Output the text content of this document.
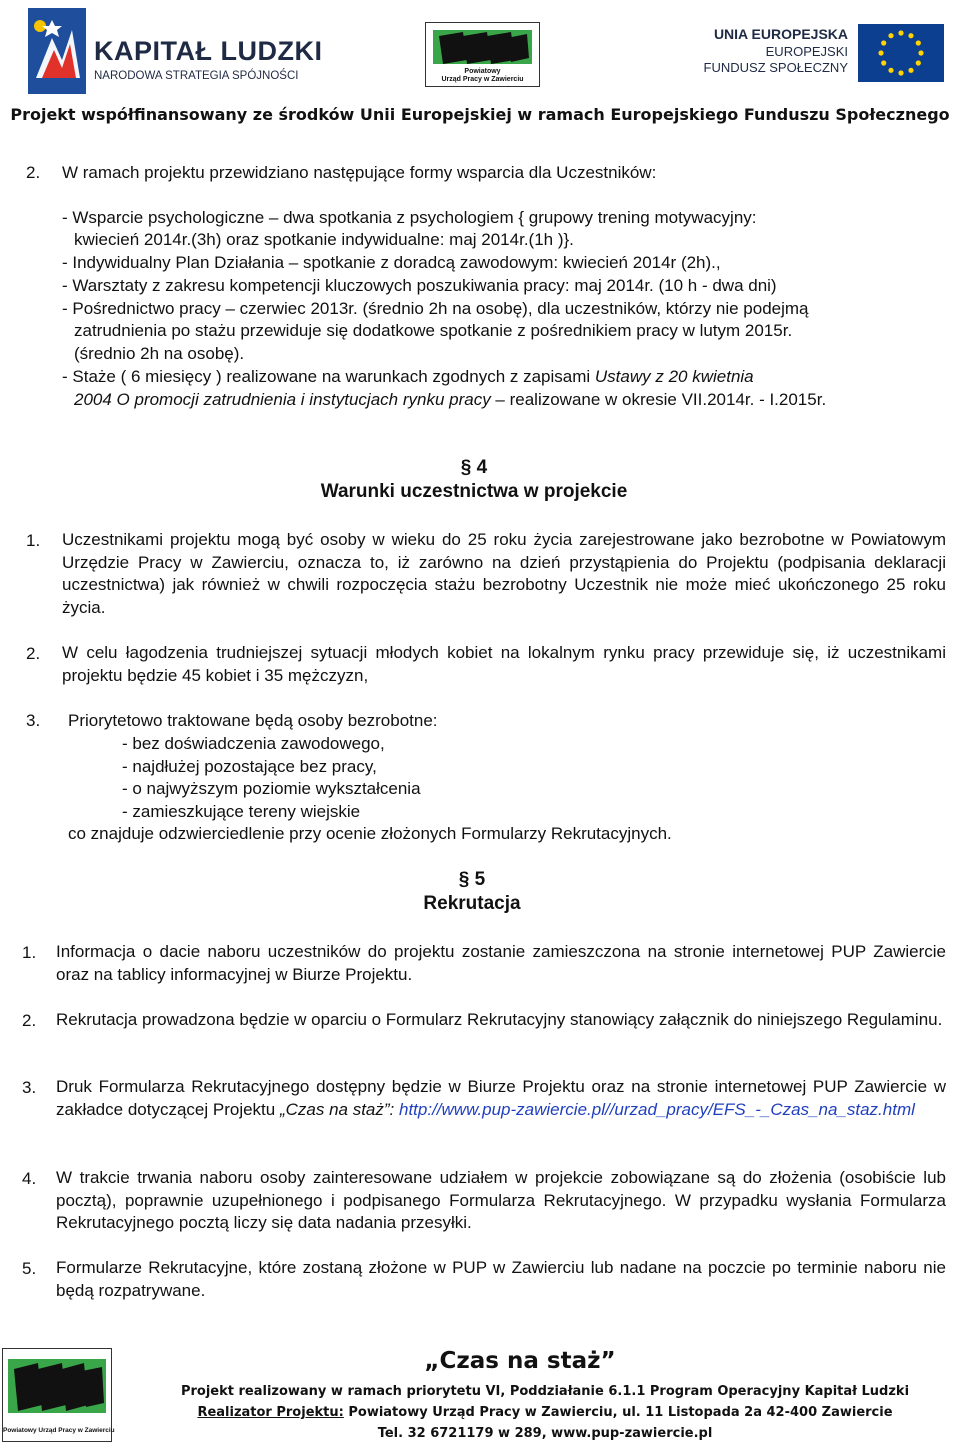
KAPITAŁ LUDZKI
NARODOWA STRATEGIA SPÓJNOŚCI	Powiatowy
Urząd Pracy w Zawierciu
UNIA EUROPEJSKA
EUROPEJSKI
FUNDUSZ SPOŁECZNY
Projekt współfinansowany ze środków Unii Europejskiej w ramach Europejskiego Funduszu Społecznego
2. W ramach projektu przewidziano następujące formy wsparcia dla Uczestników:
- Wsparcie psychologiczne – dwa spotkania z psychologiem { grupowy trening motywacyjny:
kwiecień 2014r.(3h) oraz spotkanie indywidualne: maj 2014r.(1h )}.
- Indywidualny Plan Działania – spotkanie z doradcą zawodowym: kwiecień 2014r (2h).,
- Warsztaty z zakresu kompetencji kluczowych poszukiwania pracy: maj 2014r. (10 h - dwa dni)
- Pośrednictwo pracy – czerwiec 2013r. (średnio 2h na osobę), dla uczestników, którzy nie podejmą
zatrudnienia po stażu przewiduje się dodatkowe spotkanie z pośrednikiem pracy w lutym 2015r.
(średnio 2h na osobę).
- Staże ( 6 miesięcy ) realizowane na warunkach zgodnych z zapisami Ustawy z 20 kwietnia
2004 O promocji zatrudnienia i instytucjach rynku pracy – realizowane w okresie VII.2014r. - I.2015r.
§ 4
Warunki uczestnictwa w projekcie
1. Uczestnikami projektu mogą być osoby w wieku do 25 roku życia zarejestrowane jako bezrobotne w Powiatowym Urzędzie Pracy w Zawierciu, oznacza to, iż zarówno na dzień przystąpienia do Projektu (podpisania deklaracji uczestnictwa) jak również w chwili rozpoczęcia stażu bezrobotny Uczestnik nie może mieć ukończonego 25 roku życia.
2. W celu łagodzenia trudniejszej sytuacji młodych kobiet na lokalnym rynku pracy przewiduje się, iż uczestnikami projektu będzie 45 kobiet i 35 mężczyzn,
3. Priorytetowo traktowane będą osoby bezrobotne:
- bez doświadczenia zawodowego,
- najdłużej pozostające bez pracy,
- o najwyższym poziomie wykształcenia
- zamieszkujące tereny wiejskie
co znajduje odzwierciedlenie przy ocenie złożonych Formularzy Rekrutacyjnych.
§ 5
Rekrutacja
1. Informacja o dacie naboru uczestników do projektu zostanie zamieszczona na stronie internetowej PUP Zawiercie oraz na tablicy informacyjnej w Biurze Projektu.
2. Rekrutacja prowadzona będzie w oparciu o Formularz Rekrutacyjny stanowiący załącznik do niniejszego Regulaminu.
3. Druk Formularza Rekrutacyjnego dostępny będzie w Biurze Projektu oraz na stronie internetowej PUP Zawiercie w zakładce dotyczącej Projektu „Czas na staż”: http://www.pup-zawiercie.pl//urzad_pracy/EFS_-_Czas_na_staz.html
4. W trakcie trwania naboru osoby zainteresowane udziałem w projekcie zobowiązane są do złożenia (osobiście lub pocztą), poprawnie uzupełnionego i podpisanego Formularza Rekrutacyjnego. W przypadku wysłania Formularza Rekrutacyjnego pocztą liczy się data nadania przesyłki.
5. Formularze Rekrutacyjne, które zostaną złożone w PUP w Zawierciu lub nadane na poczcie po terminie naboru nie będą rozpatrywane.
Powiatowy Urząd Pracy w Zawierciu
„Czas na staż”
Projekt realizowany w ramach priorytetu VI, Poddziałanie 6.1.1 Program Operacyjny Kapitał Ludzki
Realizator Projektu: Powiatowy Urząd Pracy w Zawierciu, ul. 11 Listopada 2a 42-400 Zawiercie
Tel. 32 6721179 w 289, www.pup-zawiercie.pl
